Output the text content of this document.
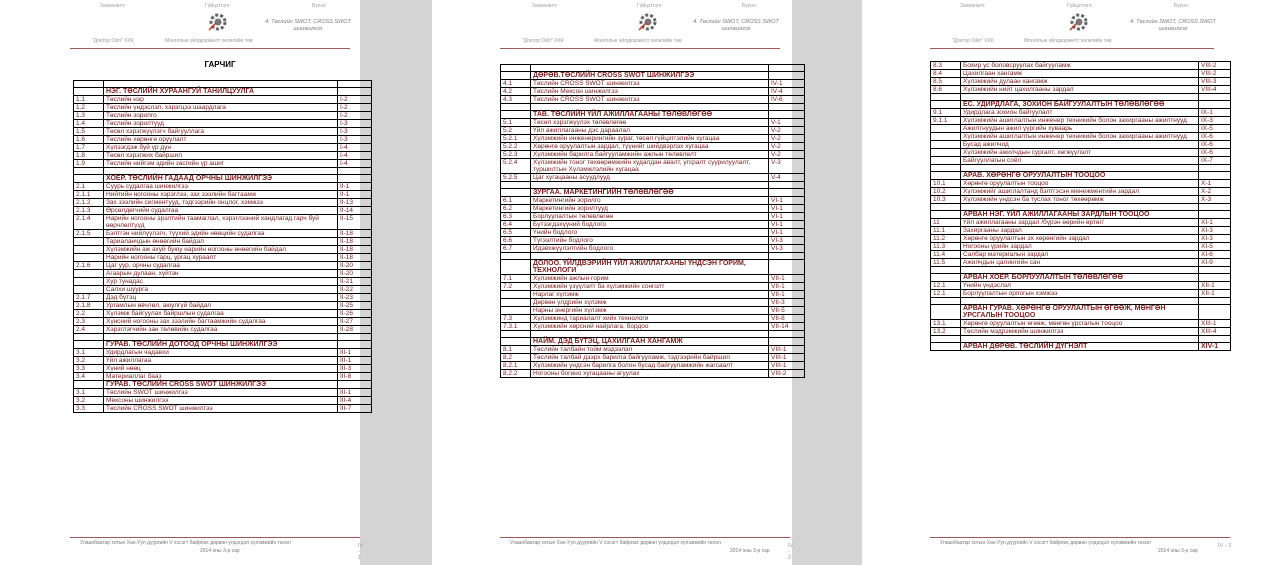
Захиалагч:	Гүйцэтгэгч:	Бүхэл
4. Төслийн SWOT, CROSS SWOT шинжилгээ
"Доктор Ойл" ХХК	Монголын үйлдвэржилт хөгжлийн төв
ГАРЧИГ

	НЭГ. ТӨСЛИЙН ХУРААНГУЙ ТАНИЛЦУУЛГА	
1.1	Төслийн нэр	I-2
1.2	Төслийн үндэслэл, хэрэгцээ шаардлага	I-2
1.3	Төслийн зорилго	I-2
1.4	Төслийн зорилтууд	I-3
1.5	Төсөл хэрэгжүүлэгч байгууллага	I-3
1.6	Төслийн хөрөнгө оруулалт	I-3
1.7	Хүлээгдэж буй үр дүн	I-4
1.8	Төсөл хэрэгжих байршил	I-4
1.9	Төслийн нийгэм эдийн засгийн үр ашиг	I-4

	ХОЁР. ТӨСЛИЙН ГАДААД ОРЧНЫ ШИНЖИЛГЭЭ	
2.1	Суурь судалгаа шинжилгээ	II-1
2.1.1	Нийтийн ногооны хэрэглээ, зах зээлийн багтаамж	II-1
2.1.2	Зах зээлийн сегментууд, тэдгээрийн онцлог, хэмжээ	II-13
2.1.3	Өрсөлдөгчийн судалгаа	II-14
2.1.4	Нарийн ногооны эрэлтийн таамаглал, хэрэглээний хандлагад гарч буй өөрчлөлтүүд	II-15
2.1.5	Бэлтгэн нийлүүлэгч, түүхий эдийн нөөцийн судалгаа	II-18
	Тариаланчдын өнөөгийн байдал	II-18
	Хүлэмжийн аж ахуй буюу нарийн ногооны өнөөгийн байдал	II-18
	Нарийн ногооны гарц, ургац хураалт	II-18
2.1.6	Цаг уур, орчны судалгаа	II-20
	Агаарын дулаан, хүйтэн	II-20
	Хур тунадас	II-21
	Салхи шуурга	II-22
2.1.7	Дэд бүтэц	II-23
2.1.8	Ургамлын өвчлөл, аюулгүй байдал	II-25
2.2	Хүлэмж байгуулах байршлын судалгаа	II-26
2.3	Хүнсний ногооны зах зээлийн багтаамжийн судалгаа	II-27
2.4	Хэрэглэгчийн зан төлөвийн судалгаа	II-28

	ГУРАВ. ТӨСЛИЙН ДОТООД ОРЧНЫ ШИНЖИЛГЭЭ	
3.1	Удирдлагын чадавхи	III-1
3.2	Үйл ажиллагаа	III-1
3.3	Хүний нөөц	III-3
3.4	Материаллаг бааз	III-8
	ГУРАВ. ТӨСЛИЙН CROSS SWOT ШИНЖИЛГЭЭ	
3.1	Төслийн SWOT шинжилгээ	III-1
3.2	Мексоны шинжилгээ	III-4
3.3	Төслийн CROSS SWOT шинжилгээ	III-7
Улаанбаатар хотын Хан-Уул дүүргийн V хэсэгт байрлах дөрвөн үлдэгдэл хүлэмжийн төсөл
2014 оны 3-р сар
IV - 1
Захиалагч:	Гүйцэтгэгч:	Бүхэл
4. Төслийн SWOT, CROSS SWOT шинжилгээ
"Доктор Ойл" ХХК	Монголын үйлдвэржилт хөгжлийн төв

	ДӨРӨВ.ТӨСЛИЙН CROSS SWOT ШИНЖИЛГЭЭ	
4.1	Төслийн CROSS SWOT шинжилгээ	IV-1
4.2	Төслийн Мексон шинжилгээ	IV-4
4.3	Төслийн CROSS SWOT шинжилгээ	IV-6

	ТАВ. ТӨСЛИЙН ҮЙЛ АЖИЛЛАГААНЫ ТӨЛӨВЛӨГӨӨ	
5.1	Төсөл хэрэгжүүлэх төлөвлөгөө	V-1
5.2	Үйл ажиллагааны дэс дараалал	V-2
5.2.1	Хүлэмжийн инженерингийн зураг, төсөл гүйцэтгэлийн хугацаа	V-2
5.2.2	Хөрөнгө оруулалтын зардал, түүнийг шийдвэрлэх хугацаа	V-2
5.2.3	Хүлэмжийн барилга байгууламжийн ажлын төлөвлөлт	V-2
5.2.4	Хүлэмжийн тоног төхөөрөмжийн худалдан авалт, угсралт суурилуулалт, туршилтын Хүлэмжлэлийн хугацаа	V-3
5.2.5	Цаг хугацааны асуудлууд	V-4

	ЗУРГАА. МАРКЕТИНГИЙН ТӨЛӨВЛӨГӨӨ	
6.1	Маркетингийн зорилго	VI-1
6.2	Маркетингийн зорилтууд	VI-1
6.3	Борлуулалтын төлөвлөгөө	VI-1
6.4	Бүтээгдэхүүний бодлого	VI-1
6.5	Үнийн бодлого	VI-1
6.6	Түгээлтийн бодлого	VI-3
6.7	Идэвхжүүлэлтийн бодлого	VI-3

	ДОЛОО. ҮЙЛДВЭРИЙН ҮЙЛ АЖИЛЛАГААНЫ ҮНДСЭН ГОРИМ, ТЕХНОЛОГИ	
7.1	Хүлэмжийн ажлын горим	VII-1
7.2	Хүлэмжийн үзүүлэлт ба хүлэмжийн сонголт	VII-1
	Нарлаг хүлэмж	VII-1
	Дөрвөн үлдрийн хүлэмж	VII-3
	Нарны энергийн хүлэмж	VII-5
7.3	Хүлэмжинд тариалалт хийх технологи	VII-8
7.3.1	Хүлэмжийн хөрсний найрлага, бордоо	VII-14

	НАЙМ. ДЭД БҮТЭЦ, ЦАХИЛГААН ХАНГАМЖ	
8.1	Төслийн талбайн тойм мэдээлэл	VIII-1
8.2	Төслийн талбай дээрх барилга байгууламж, тэдгээрийн байршил	VIII-1
8.2.1	Хүлэмжийн үндсэн барилга болон бусад байгууламжийн жагсаалт	VIII-1
8.2.2	Ногооны богино хугацааны агуулах	VIII-2
Улаанбаатар хотын Хан-Уул дүүргийн V хэсэгт байрлах дөрвөн үлдэгдэл хүлэмжийн төсөл
2014 оны 3-р сар
IV - 2
Захиалагч:	Гүйцэтгэгч:	Бүхэл
4. Төслийн SWOT, CROSS SWOT шинжилгээ
"Доктор Ойл" ХХК	Монголын үйлдвэржилт хөгжлийн төв
8.3	Бохир ус боловсруулах байгууламж	VIII-2
8.4	Цахилгаан хангамж	VIII-2
8.5	Хүлэмжийн дулаан хангамж	VIII-3
8.6	Хүлэмжийн нийт цахилгааны зардал	VIII-4

	ЕС. УДИРДЛАГА, ЗОХИОН БАЙГУУЛАЛТЫН ТӨЛӨВЛӨГӨӨ	
9.1	Удирдлага зохион байгуулалт	IX-1
9.1.1	Хүлэмжийн ашиглалтын инженер техникийн болон захиргааны ажилтнууд	IX-3
	Ажилтнуудын ажил үүргийн хуваарь	IX-5
	Хүлэмжийн ашиглалтын инженер техникийн болон захиргааны ажилтнууд	IX-6
	Бусад ажилчид	IX-6
	Хүлэмжийн ажилчдын сургалт, хөгжүүлэлт	IX-6
	Байгууллагын соёл	IX-7

	АРАВ. ХӨРӨНГӨ ОРУУЛАЛТЫН ТООЦОО	
10.1	Хөрөнгө оруулалтын тооцоо	X-1
10.2	Хүлэмжийг ашиглалтанд бэлтгэсэн менежментийн зардал	X-2
10.3	Хүлэмжийн үндсэн ба туслах тоног төхөөрөмж	X-3

	АРВАН НЭГ. ҮЙЛ АЖИЛЛАГААНЫ ЗАРДЛЫН ТООЦОО	
11	Үйл ажиллагааны зардал /бүрэн өөрийн өртөг/	XI-1
11.1	Захиргааны зардал	XI-3
11.2	Хөрөнгө оруулалтын эх хөрөнгийн зардал	XI-3
11.3	Ногооны үрийн зардал	XI-5
11.4	Салбар материалын зардал	XI-6
11.5	Ажилчдын цалингийн сан	XI-9

	АРВАН ХОЁР. БОРЛУУЛАЛТЫН ТӨЛӨВЛӨГӨӨ	
12.1	Үнийн үндэслэл	XII-1
12.1	Борлуулалтын орлогын хэмжээ	XII-1

	АРВАН ГУРАВ. ХӨРӨНГӨ ОРУУЛАЛТЫН ӨГӨӨЖ, МӨНГӨН УРСГАЛЫН ТООЦОО	
13.1	Хөрөнгө оруулалтын өгөөж, мөнгөн урсгалын тооцоо	XIII-1
13.2	Төслийн мэдрэмжийн шинжилгээ	XIII-4

	АРВАН ДӨРӨВ. ТӨСЛИЙН ДҮГНЭЛТ	XIV-1
Улаанбаатар хотын Хан-Уул дүүргийн V хэсэгт байрлах дөрвөн үлдэгдэл хүлэмжийн төсөл
2014 оны 3-р сар
IV - 3
